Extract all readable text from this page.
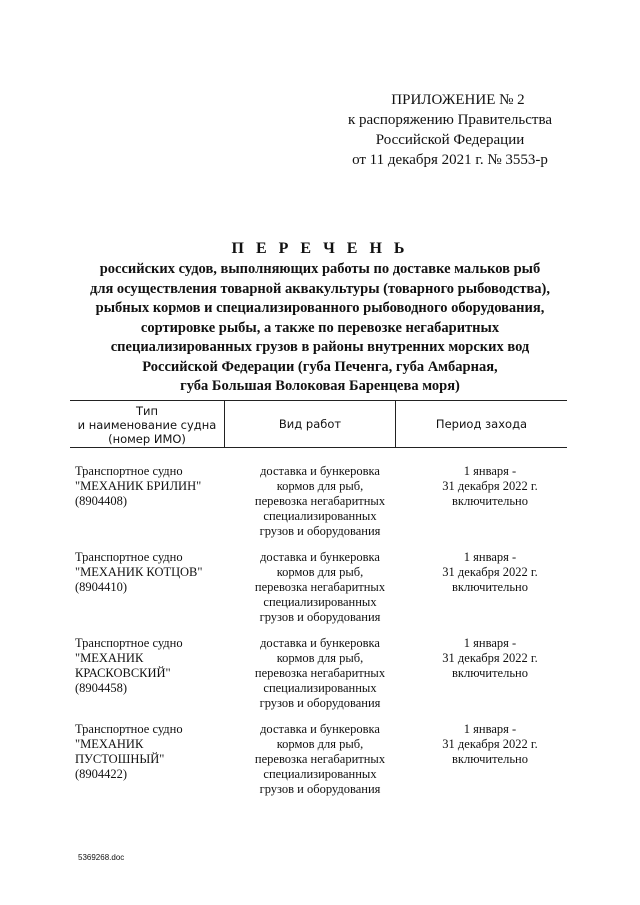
ПРИЛОЖЕНИЕ № 2
к распоряжению Правительства
Российской Федерации
от 11 декабря 2021 г. № 3553-р
П Е Р Е Ч Е Н Ь
российских судов, выполняющих работы по доставке мальков рыб
для осуществления товарной аквакультуры (товарного рыбоводства),
рыбных кормов и специализированного рыбоводного оборудования,
сортировке рыбы, а также по перевозке негабаритных
специализированных грузов в районы внутренних морских вод
Российской Федерации (губа Печенга, губа Амбарная,
губа Большая Волоковая Баренцева моря)
Тип
и наименование судна
(номер ИМО)
Вид работ	Период захода
Транспортное судно
"МЕХАНИК БРИЛИН"
(8904408)
доставка и бункеровка
кормов для рыб,
перевозка негабаритных
специализированных
грузов и оборудования
1 января -
31 декабря 2022 г.
включительно
Транспортное судно
"МЕХАНИК КОТЦОВ"
(8904410)
доставка и бункеровка
кормов для рыб,
перевозка негабаритных
специализированных
грузов и оборудования
1 января -
31 декабря 2022 г.
включительно
Транспортное судно
"МЕХАНИК
КРАСКОВСКИЙ"
(8904458)
доставка и бункеровка
кормов для рыб,
перевозка негабаритных
специализированных
грузов и оборудования
1 января -
31 декабря 2022 г.
включительно
Транспортное судно
"МЕХАНИК
ПУСТОШНЫЙ"
(8904422)
доставка и бункеровка
кормов для рыб,
перевозка негабаритных
специализированных
грузов и оборудования
1 января -
31 декабря 2022 г.
включительно
5369268.doc
